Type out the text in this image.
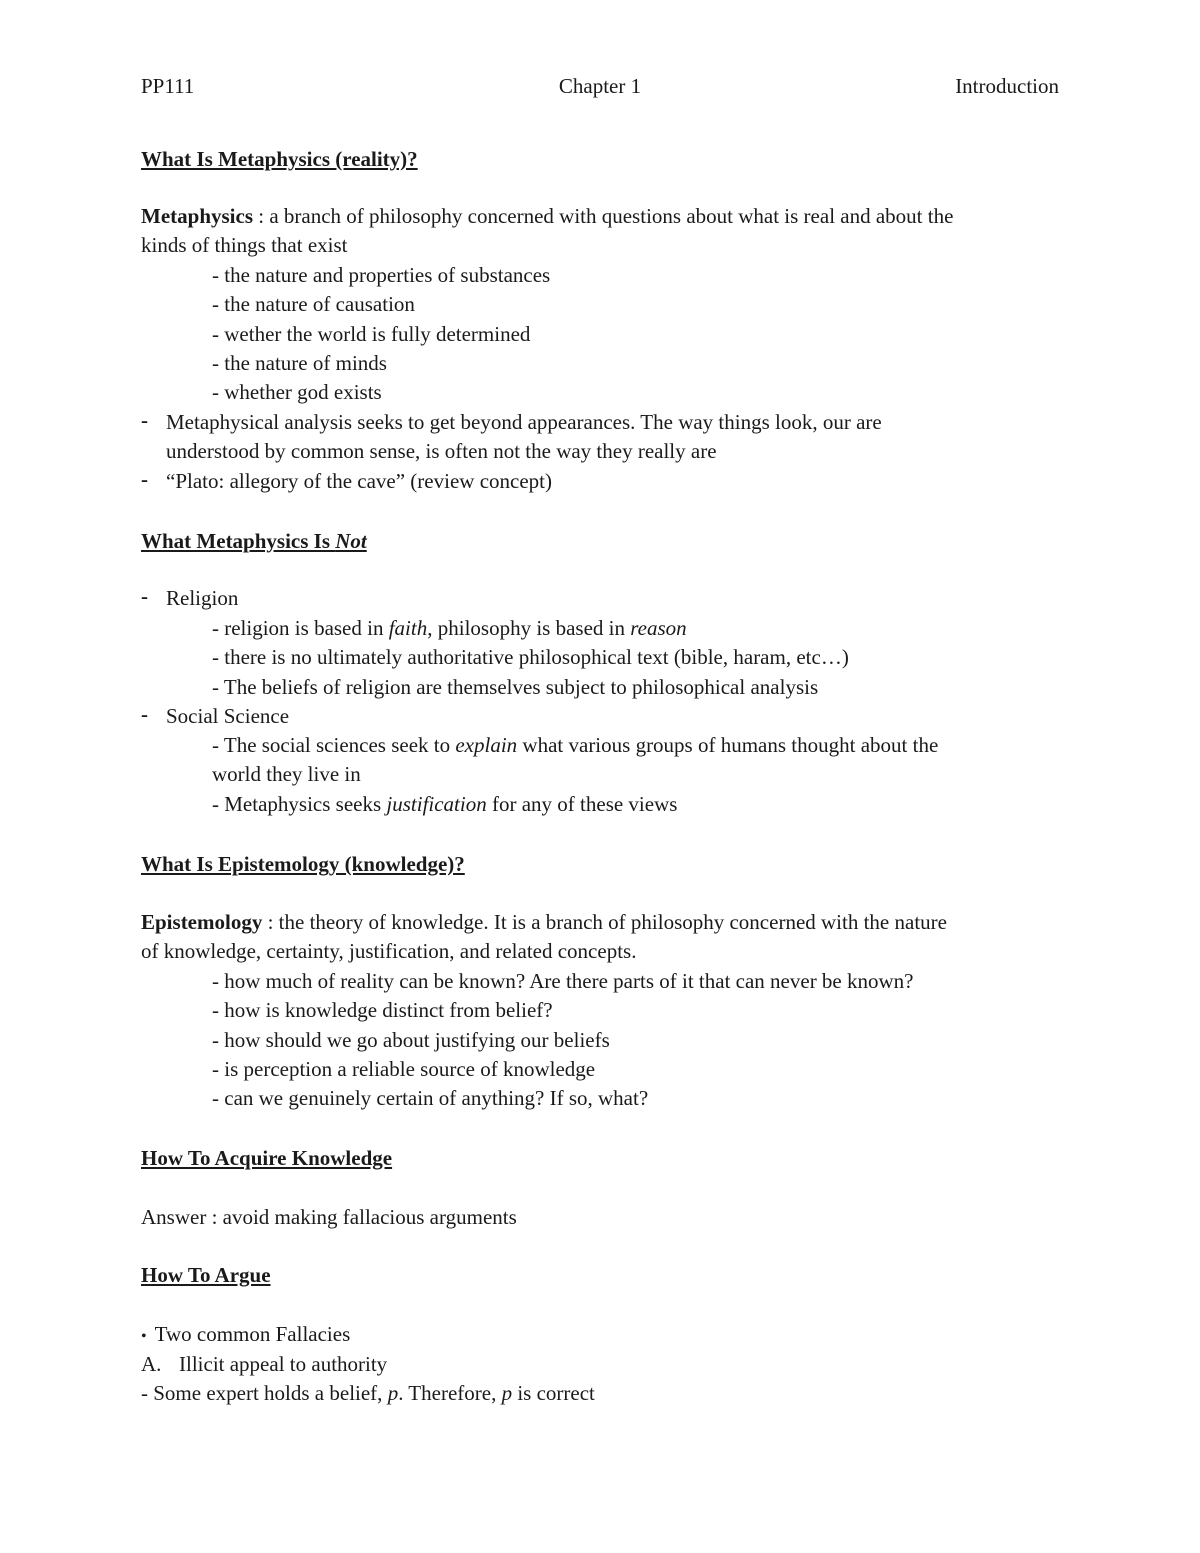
PP111	Chapter 1	Introduction
What Is Metaphysics (reality)?
Metaphysics : a branch of philosophy concerned with questions about what is real and about the
kinds of things that exist
- the nature and properties of substances
- the nature of causation
- wether the world is fully determined
- the nature of minds
- whether god exists
- Metaphysical analysis seeks to get beyond appearances. The way things look, our are
understood by common sense, is often not the way they really are
- “Plato: allegory of the cave” (review concept)
What Metaphysics Is Not
- Religion
- religion is based in faith, philosophy is based in reason
- there is no ultimately authoritative philosophical text (bible, haram, etc…)
- The beliefs of religion are themselves subject to philosophical analysis
- Social Science
- The social sciences seek to explain what various groups of humans thought about the
world they live in
- Metaphysics seeks justification for any of these views
What Is Epistemology (knowledge)?
Epistemology : the theory of knowledge. It is a branch of philosophy concerned with the nature
of knowledge, certainty, justification, and related concepts.
- how much of reality can be known? Are there parts of it that can never be known?
- how is knowledge distinct from belief?
- how should we go about justifying our beliefs
- is perception a reliable source of knowledge
- can we genuinely certain of anything? If so, what?
How To Acquire Knowledge
Answer : avoid making fallacious arguments
How To Argue
• Two common Fallacies
A. Illicit appeal to authority
- Some expert holds a belief, p. Therefore, p is correct
